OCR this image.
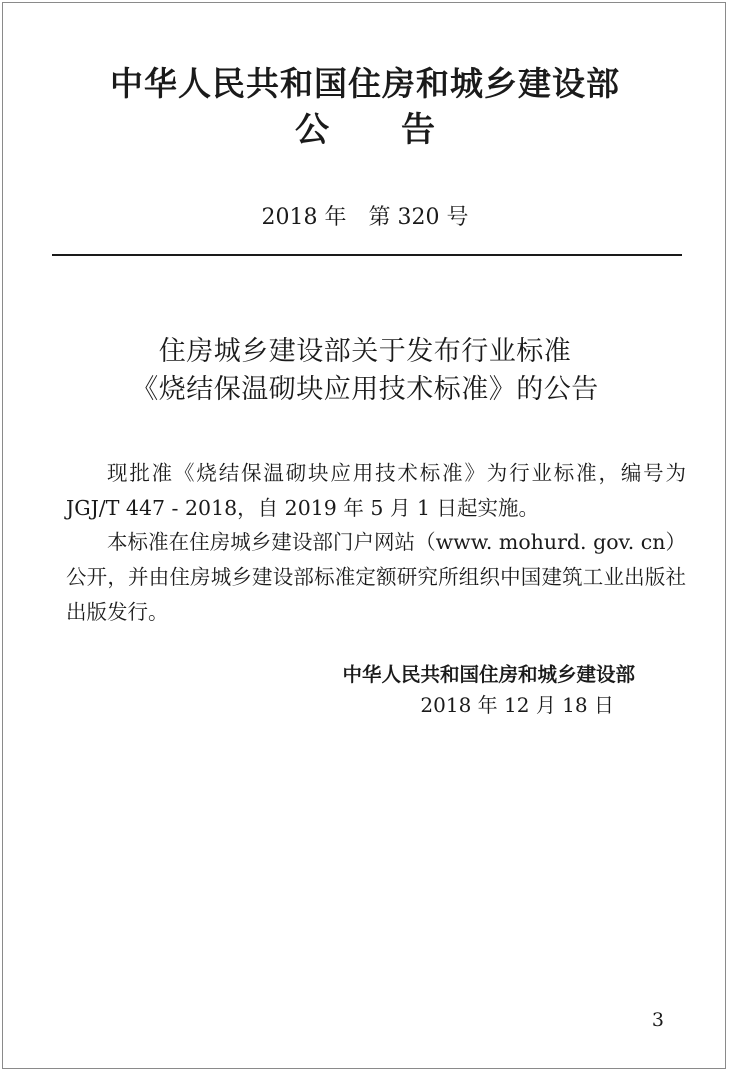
中华人民共和国住房和城乡建设部
公 告
2018 年　第 320 号
住房城乡建设部关于发布行业标准
《烧结保温砌块应用技术标准》的公告

现批准《烧结保温砌块应用技术标准》为行业标准，编号为 JGJ/T 447 - 2018，自 2019 年 5 月 1 日起实施。

本标准在住房城乡建设部门户网站（www. mohurd. gov. cn）公开，并由住房城乡建设部标准定额研究所组织中国建筑工业出版社出版发行。

中华人民共和国住房和城乡建设部
2018 年 12 月 18 日
3
